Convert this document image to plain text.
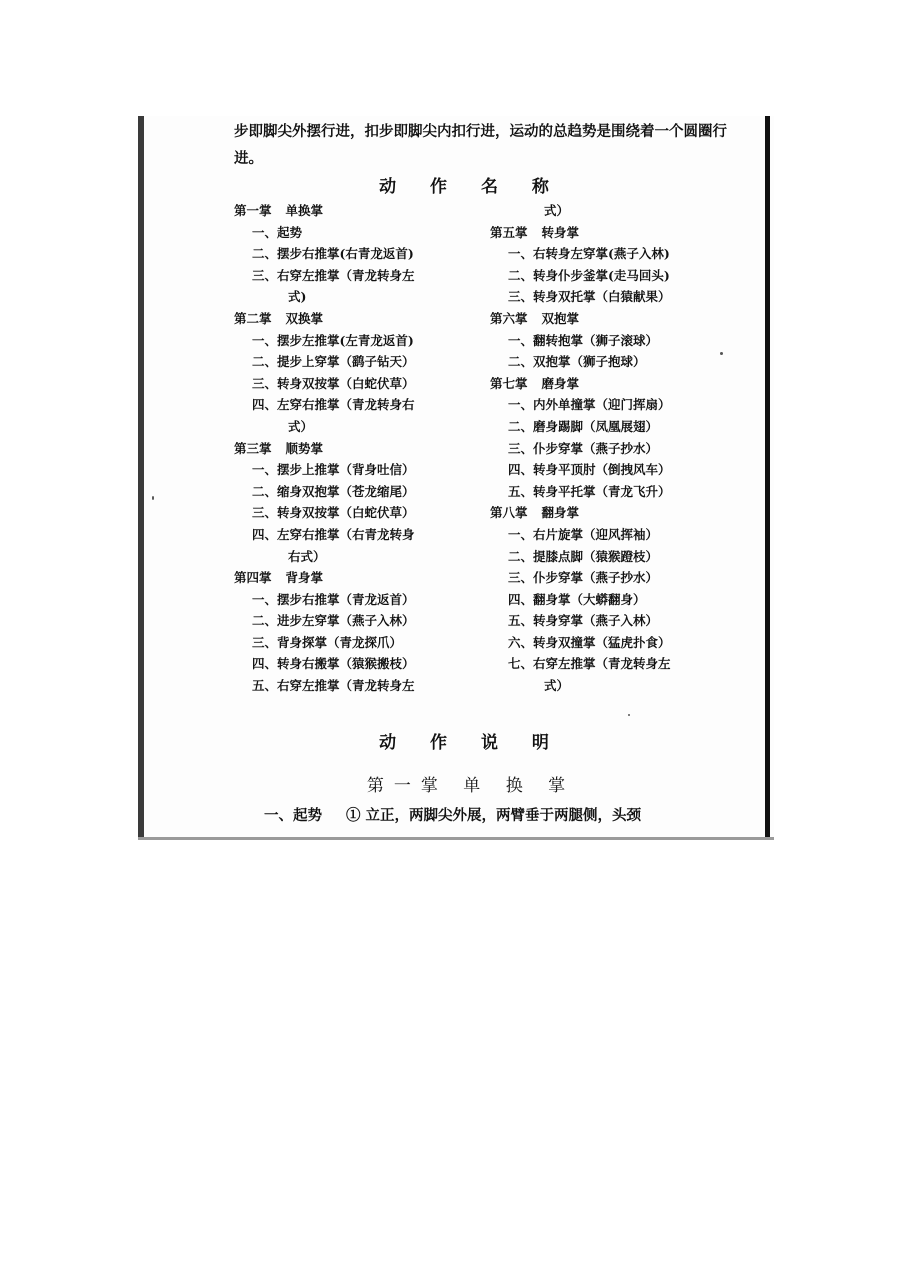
步即脚尖外摆行进，扣步即脚尖内扣行进，运动的总趋势是围绕着一个圆圈行进。

动 作 名 称
第一掌 单换掌
一、起势
二、摆步右推掌(右青龙返首)
三、右穿左推掌（青龙转身左
式)
第二掌 双换掌
一、摆步左推掌(左青龙返首)
二、提步上穿掌（鹞子钻天）
三、转身双按掌（白蛇伏草）
四、左穿右推掌（青龙转身右
式）
第三掌 顺势掌
一、摆步上推掌（背身吐信）
二、缩身双抱掌（苍龙缩尾）
三、转身双按掌（白蛇伏草）
四、左穿右推掌（右青龙转身
右式）
第四掌 背身掌
一、摆步右推掌（青龙返首）
二、进步左穿掌（燕子入林）
三、背身探掌（青龙探爪）
四、转身右搬掌（猿猴搬枝）
五、右穿左推掌（青龙转身左
式）
第五掌 转身掌
一、右转身左穿掌(燕子入林)
二、转身仆步釜掌(走马回头)
三、转身双托掌（白猿献果）
第六掌 双抱掌
一、翻转抱掌（狮子滚球）
二、双抱掌（狮子抱球）
第七掌 磨身掌
一、内外单撞掌（迎门挥扇）
二、磨身踢脚（凤凰展翅）
三、仆步穿掌（燕子抄水）
四、转身平顶肘（倒拽风车）
五、转身平托掌（青龙飞升）
第八掌 翻身掌
一、右片旋掌（迎风挥袖）
二、提膝点脚（猿猴蹬枝）
三、仆步穿掌（燕子抄水）
四、翻身掌（大蟒翻身）
五、转身穿掌（燕子入林）
六、转身双撞掌（猛虎扑食）
七、右穿左推掌（青龙转身左
式）
动 作 说 明
第一掌 单 换 掌

一、起势 ① 立正，两脚尖外展，两臂垂于两腿侧，头颈
